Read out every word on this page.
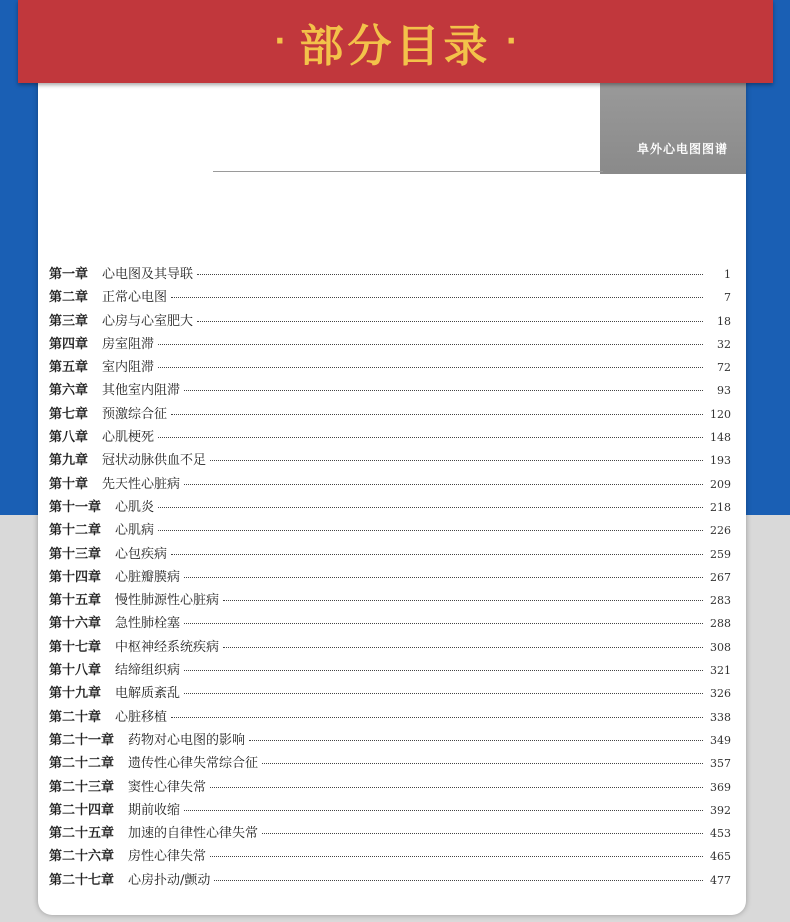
· 部分目录 ·
阜外心电图图谱
第一章 心电图及其导联	1
第二章 正常心电图	7
第三章 心房与心室肥大	18
第四章 房室阻滞	32
第五章 室内阻滞	72
第六章 其他室内阻滞	93
第七章 预激综合征	120
第八章 心肌梗死	148
第九章 冠状动脉供血不足	193
第十章 先天性心脏病	209
第十一章 心肌炎	218
第十二章 心肌病	226
第十三章 心包疾病	259
第十四章 心脏瓣膜病	267
第十五章 慢性肺源性心脏病	283
第十六章 急性肺栓塞	288
第十七章 中枢神经系统疾病	308
第十八章 结缔组织病	321
第十九章 电解质紊乱	326
第二十章 心脏移植	338
第二十一章 药物对心电图的影响	349
第二十二章 遗传性心律失常综合征	357
第二十三章 窦性心律失常	369
第二十四章 期前收缩	392
第二十五章 加速的自律性心律失常	453
第二十六章 房性心律失常	465
第二十七章 心房扑动/颤动	477
